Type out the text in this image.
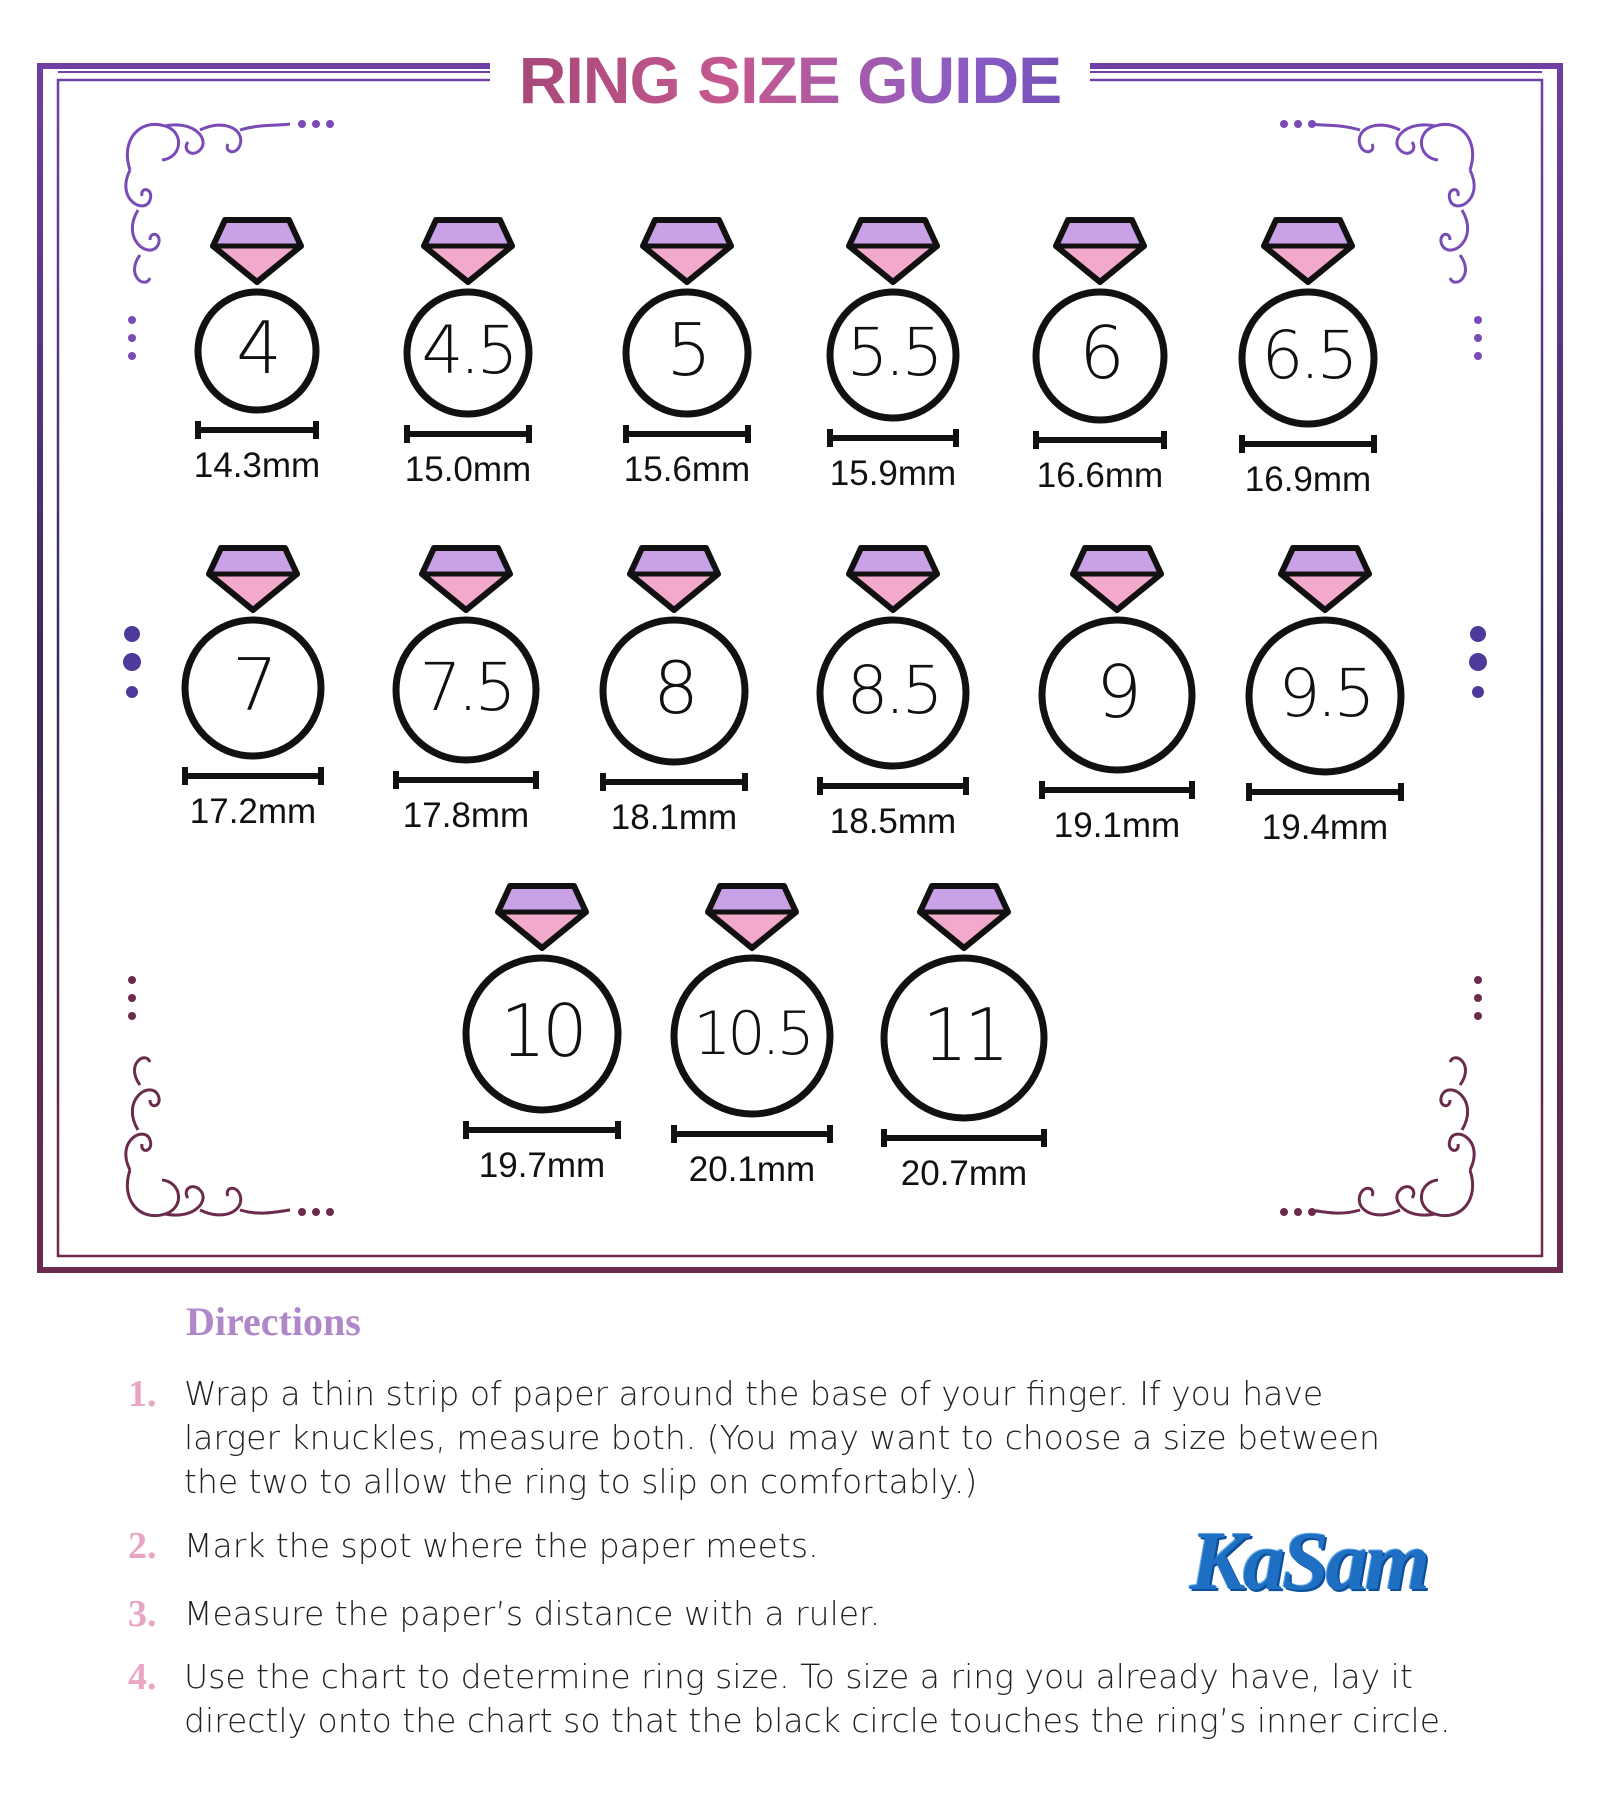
RING SIZE GUIDE
4
14.3mm
4.5
15.0mm
5
15.6mm
5.5
15.9mm
6
16.6mm
6.5
16.9mm
7
17.2mm
7.5
17.8mm
8
18.1mm
8.5
18.5mm
9
19.1mm
9.5
19.4mm
10
19.7mm
10.5
20.1mm
11
20.7mm
Directions
1. Wrap a thin strip of paper around the base of your finger. If you have larger knuckles, measure both. (You may want to choose a size between the two to allow the ring to slip on comfortably.)
2. Mark the spot where the paper meets.
3. Measure the paper’s distance with a ruler.
4. Use the chart to determine ring size. To size a ring you already have, lay it directly onto the chart so that the black circle touches the ring’s inner circle.
KaSam
